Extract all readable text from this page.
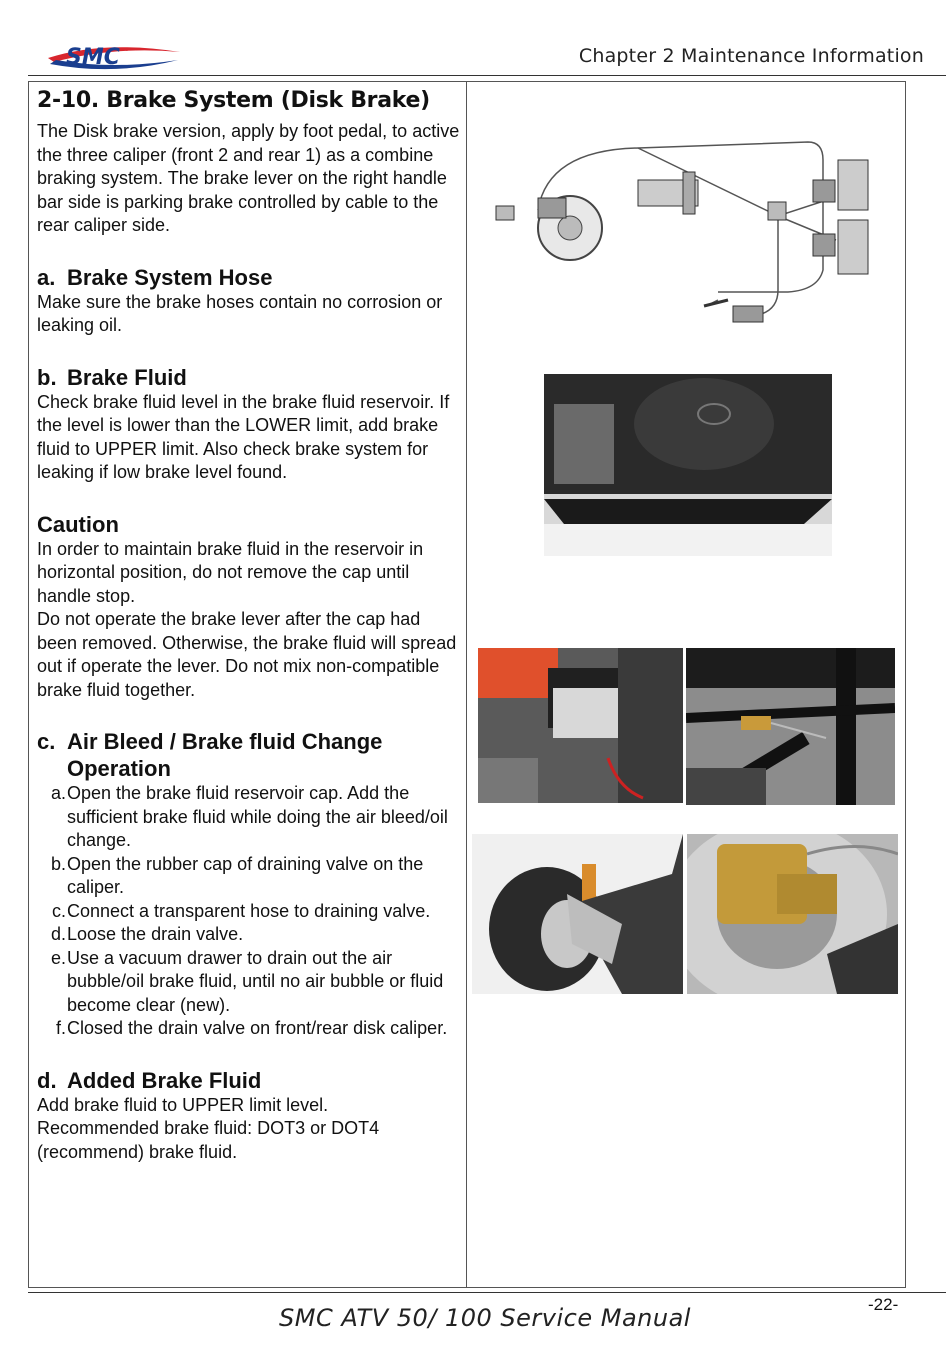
SMC	Chapter 2 Maintenance Information
2-10. Brake System (Disk Brake)

The Disk brake version, apply by foot pedal, to active the three caliper (front 2 and rear 1) as a combine braking system. The brake lever on the right handle bar side is parking brake controlled by cable to the rear caliper side.

a. Brake System Hose

Make sure the brake hoses contain no corrosion or leaking oil.

b. Brake Fluid

Check brake fluid level in the brake fluid reservoir. If the level is lower than the LOWER limit, add brake fluid to UPPER limit. Also check brake system for leaking if low brake level found.

Caution

In order to maintain brake fluid in the reservoir in horizontal position, do not remove the cap until handle stop.

Do not operate the brake lever after the cap had been removed. Otherwise, the brake fluid will spread out if operate the lever. Do not mix non-compatible brake fluid together.

c. Air Bleed / Brake fluid Change Operation
a. Open the brake fluid reservoir cap. Add the sufficient brake fluid while doing the air bleed/oil change.
b. Open the rubber cap of draining valve on the caliper.
c. Connect a transparent hose to draining valve.
d. Loose the drain valve.
e. Use a vacuum drawer to drain out the air bubble/oil brake fluid, until no air bubble or fluid become clear (new).
f. Closed the drain valve on front/rear disk caliper.
d. Added Brake Fluid

Add brake fluid to UPPER limit level.

Recommended brake fluid: DOT3 or DOT4 (recommend) brake fluid.

-22-
SMC ATV 50/ 100 Service Manual
